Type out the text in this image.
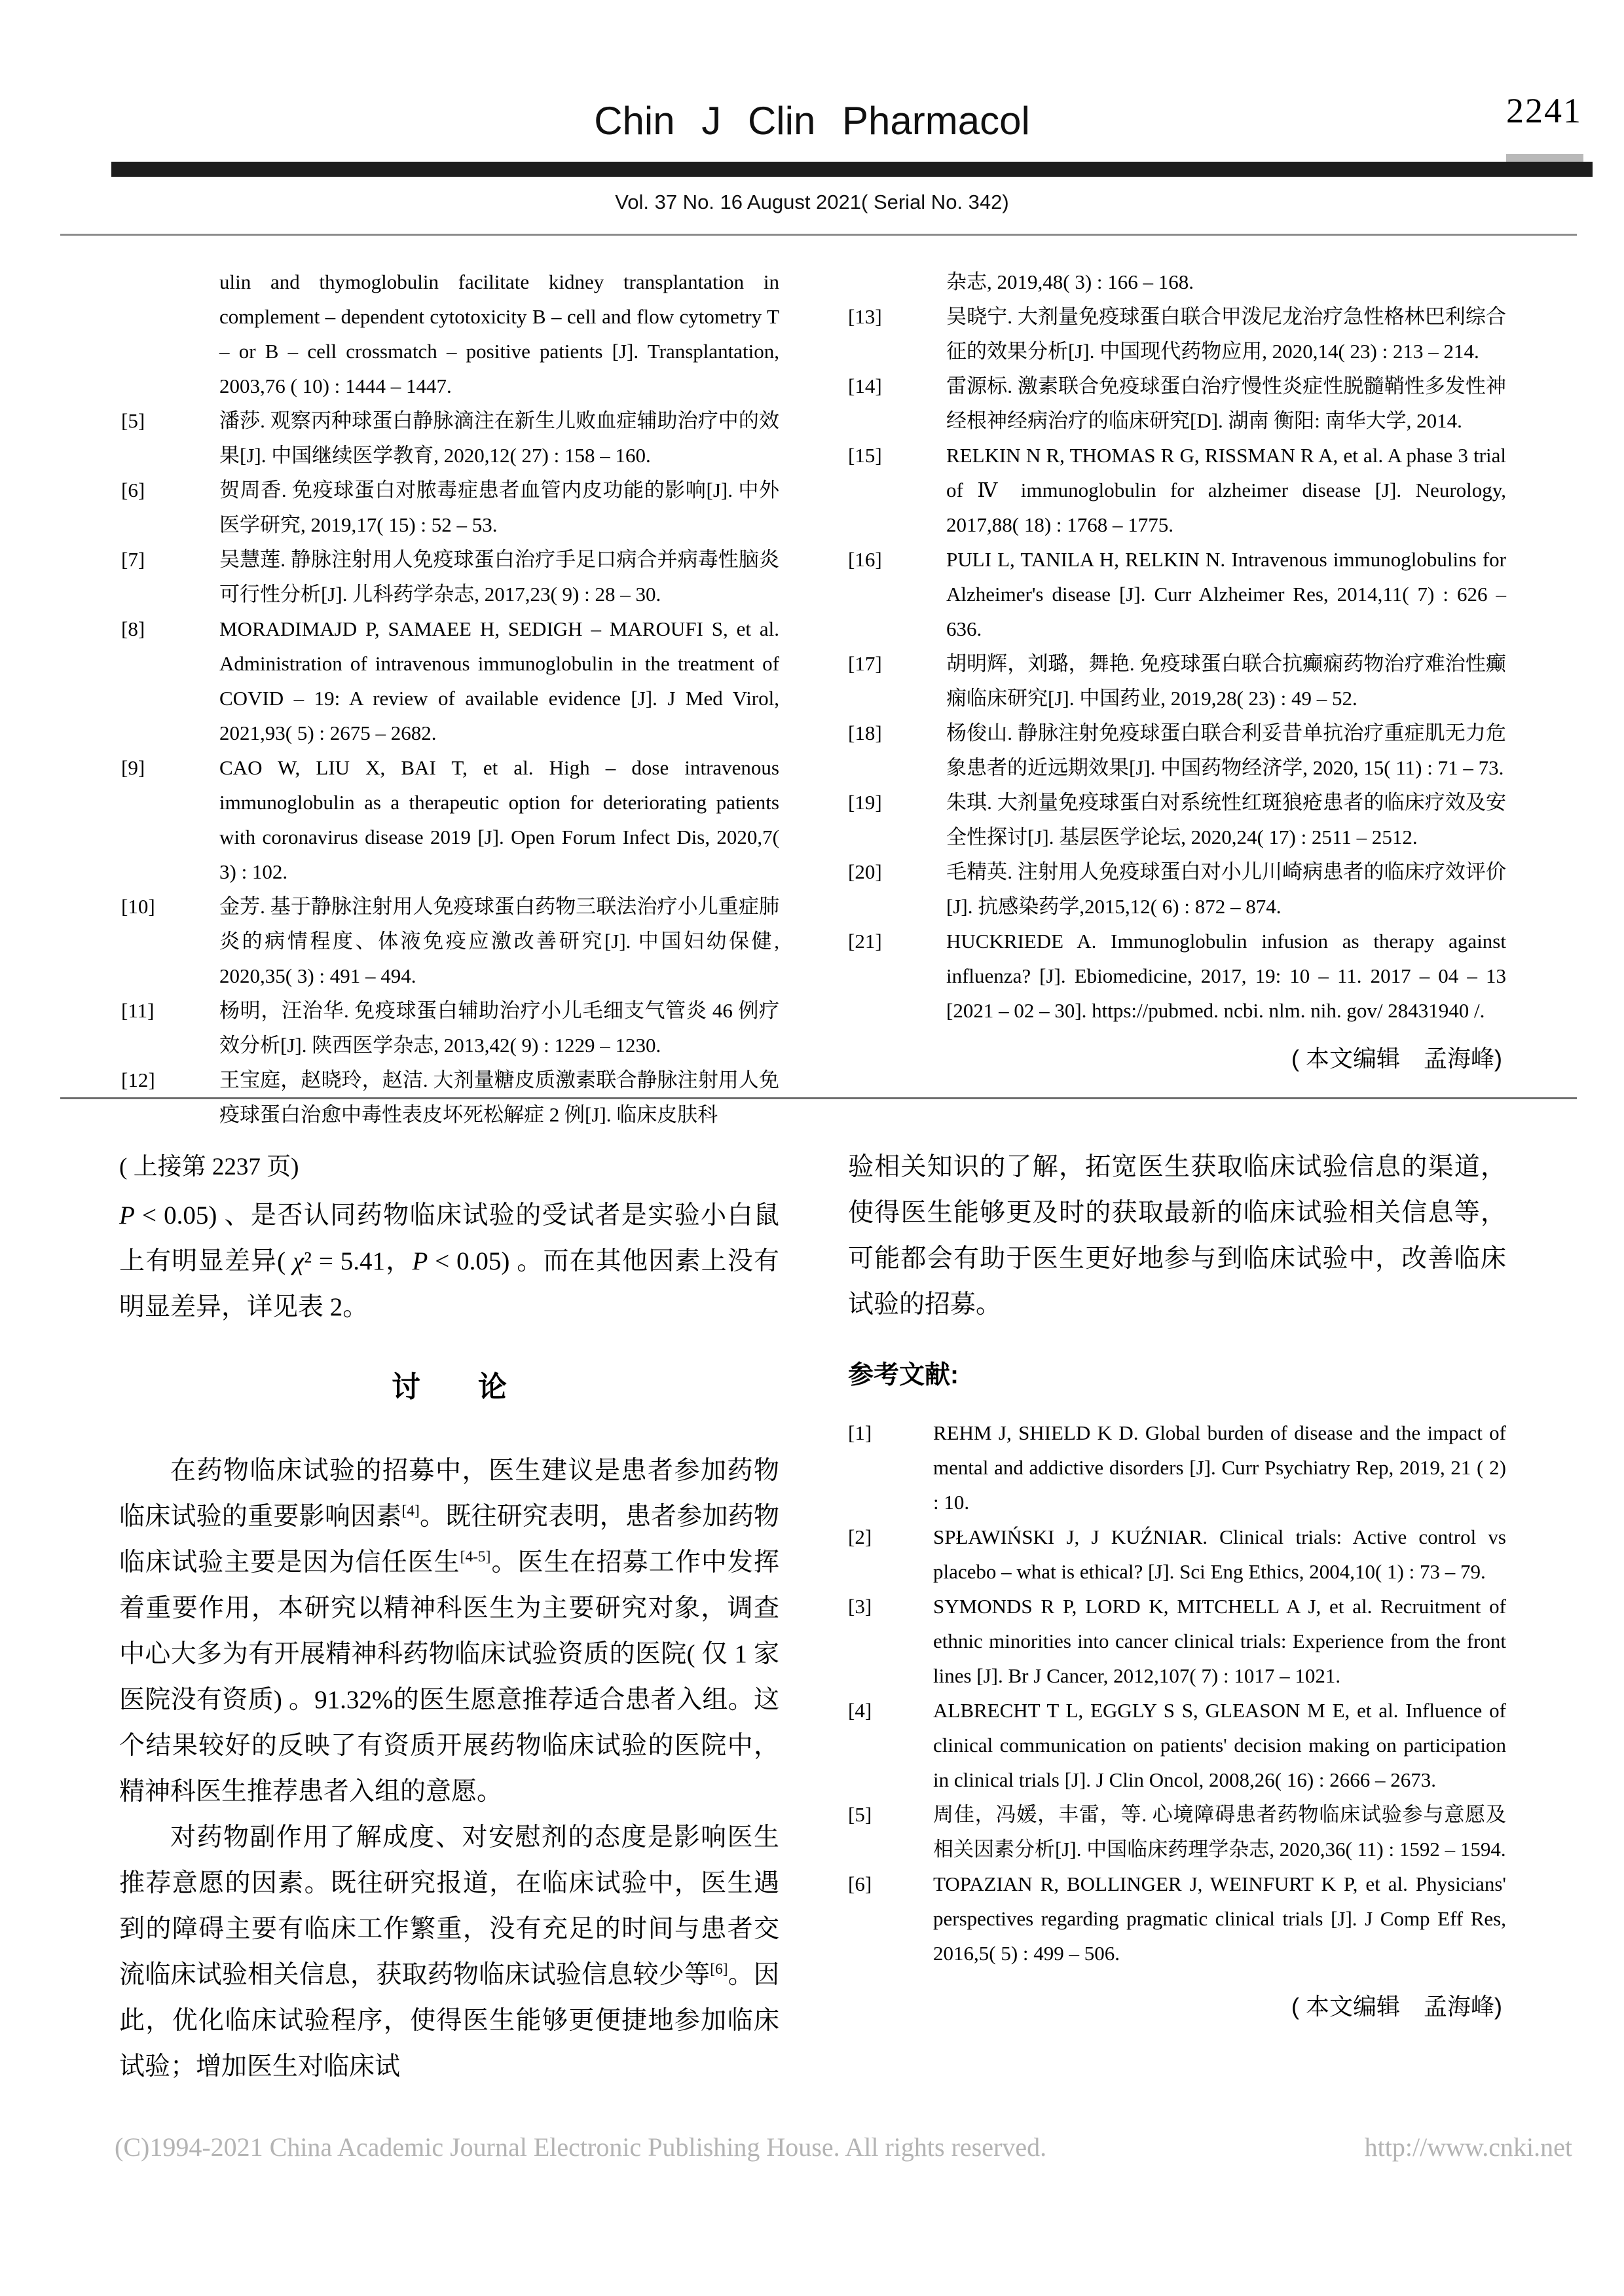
2241
Chin J Clin Pharmacol
Vol. 37 No. 16 August 2021( Serial No. 342)
ulin and thymoglobulin facilitate kidney transplantation in complement – dependent cytotoxicity B – cell and flow cytometry T – or B – cell crossmatch – positive patients [J]. Transplantation, 2003,76 ( 10) : 1444 – 1447.
[5]	潘莎. 观察丙种球蛋白静脉滴注在新生儿败血症辅助治疗中的效果[J]. 中国继续医学教育, 2020,12( 27) : 158 – 160.
[6]	贺周香. 免疫球蛋白对脓毒症患者血管内皮功能的影响[J]. 中外医学研究, 2019,17( 15) : 52 – 53.
[7]	吴慧莲. 静脉注射用人免疫球蛋白治疗手足口病合并病毒性脑炎可行性分析[J]. 儿科药学杂志, 2017,23( 9) : 28 – 30.
[8]	MORADIMAJD P, SAMAEE H, SEDIGH – MAROUFI S, et al. Administration of intravenous immunoglobulin in the treatment of COVID – 19: A review of available evidence [J]. J Med Virol, 2021,93( 5) : 2675 – 2682.
[9]	CAO W, LIU X, BAI T, et al. High – dose intravenous immunoglobulin as a therapeutic option for deteriorating patients with coronavirus disease 2019 [J]. Open Forum Infect Dis, 2020,7( 3) : 102.
[10]	金芳. 基于静脉注射用人免疫球蛋白药物三联法治疗小儿重症肺炎的病情程度、体液免疫应激改善研究[J]. 中国妇幼保健, 2020,35( 3) : 491 – 494.
[11]	杨明，汪治华. 免疫球蛋白辅助治疗小儿毛细支气管炎 46 例疗效分析[J]. 陕西医学杂志, 2013,42( 9) : 1229 – 1230.
[12]	王宝庭，赵晓玲，赵洁. 大剂量糖皮质激素联合静脉注射用人免疫球蛋白治愈中毒性表皮坏死松解症 2 例[J]. 临床皮肤科
杂志, 2019,48( 3) : 166 – 168.
[13]	吴晓宁. 大剂量免疫球蛋白联合甲泼尼龙治疗急性格林巴利综合征的效果分析[J]. 中国现代药物应用, 2020,14( 23) : 213 – 214.
[14]	雷源标. 激素联合免疫球蛋白治疗慢性炎症性脱髓鞘性多发性神经根神经病治疗的临床研究[D]. 湖南 衡阳: 南华大学, 2014.
[15]	RELKIN N R, THOMAS R G, RISSMAN R A, et al. A phase 3 trial of Ⅳ immunoglobulin for alzheimer disease [J]. Neurology, 2017,88( 18) : 1768 – 1775.
[16]	PULI L, TANILA H, RELKIN N. Intravenous immunoglobulins for Alzheimer's disease [J]. Curr Alzheimer Res, 2014,11( 7) : 626 – 636.
[17]	胡明辉，刘璐，舞艳. 免疫球蛋白联合抗癫痫药物治疗难治性癫痫临床研究[J]. 中国药业, 2019,28( 23) : 49 – 52.
[18]	杨俊山. 静脉注射免疫球蛋白联合利妥昔单抗治疗重症肌无力危象患者的近远期效果[J]. 中国药物经济学, 2020, 15( 11) : 71 – 73.
[19]	朱琪. 大剂量免疫球蛋白对系统性红斑狼疮患者的临床疗效及安全性探讨[J]. 基层医学论坛, 2020,24( 17) : 2511 – 2512.
[20]	毛精英. 注射用人免疫球蛋白对小儿川崎病患者的临床疗效评价[J]. 抗感染药学,2015,12( 6) : 872 – 874.
[21]	HUCKRIEDE A. Immunoglobulin infusion as therapy against influenza? [J]. Ebiomedicine, 2017, 19: 10 – 11. 2017 – 04 – 13 [2021 – 02 – 30]. https://pubmed. ncbi. nlm. nih. gov/ 28431940 /.
( 本文编辑　孟海峰)
( 上接第 2237 页)
P < 0.05) 、是否认同药物临床试验的受试者是实验小白鼠上有明显差异( χ² = 5.41，P < 0.05) 。而在其他因素上没有明显差异，详见表 2。
讨　　论
在药物临床试验的招募中，医生建议是患者参加药物临床试验的重要影响因素[4]。既往研究表明，患者参加药物临床试验主要是因为信任医生[4-5]。医生在招募工作中发挥着重要作用，本研究以精神科医生为主要研究对象，调查中心大多为有开展精神科药物临床试验资质的医院( 仅 1 家医院没有资质) 。91.32%的医生愿意推荐适合患者入组。这个结果较好的反映了有资质开展药物临床试验的医院中，精神科医生推荐患者入组的意愿。
对药物副作用了解成度、对安慰剂的态度是影响医生推荐意愿的因素。既往研究报道，在临床试验中，医生遇到的障碍主要有临床工作繁重，没有充足的时间与患者交流临床试验相关信息，获取药物临床试验信息较少等[6]。因此，优化临床试验程序，使得医生能够更便捷地参加临床试验；增加医生对临床试
验相关知识的了解，拓宽医生获取临床试验信息的渠道，使得医生能够更及时的获取最新的临床试验相关信息等，可能都会有助于医生更好地参与到临床试验中，改善临床试验的招募。
参考文献:
[1]	REHM J, SHIELD K D. Global burden of disease and the impact of mental and addictive disorders [J]. Curr Psychiatry Rep, 2019, 21 ( 2) : 10.
[2]	SPŁAWIŃSKI J, J KUŹNIAR. Clinical trials: Active control vs placebo – what is ethical? [J]. Sci Eng Ethics, 2004,10( 1) : 73 – 79.
[3]	SYMONDS R P, LORD K, MITCHELL A J, et al. Recruitment of ethnic minorities into cancer clinical trials: Experience from the front lines [J]. Br J Cancer, 2012,107( 7) : 1017 – 1021.
[4]	ALBRECHT T L, EGGLY S S, GLEASON M E, et al. Influence of clinical communication on patients' decision making on participation in clinical trials [J]. J Clin Oncol, 2008,26( 16) : 2666 – 2673.
[5]	周佳，冯媛，丰雷，等. 心境障碍患者药物临床试验参与意愿及相关因素分析[J]. 中国临床药理学杂志, 2020,36( 11) : 1592 – 1594.
[6]	TOPAZIAN R, BOLLINGER J, WEINFURT K P, et al. Physicians' perspectives regarding pragmatic clinical trials [J]. J Comp Eff Res, 2016,5( 5) : 499 – 506.
( 本文编辑　孟海峰)
(C)1994-2021 China Academic Journal Electronic Publishing House. All rights reserved.	http://www.cnki.net
